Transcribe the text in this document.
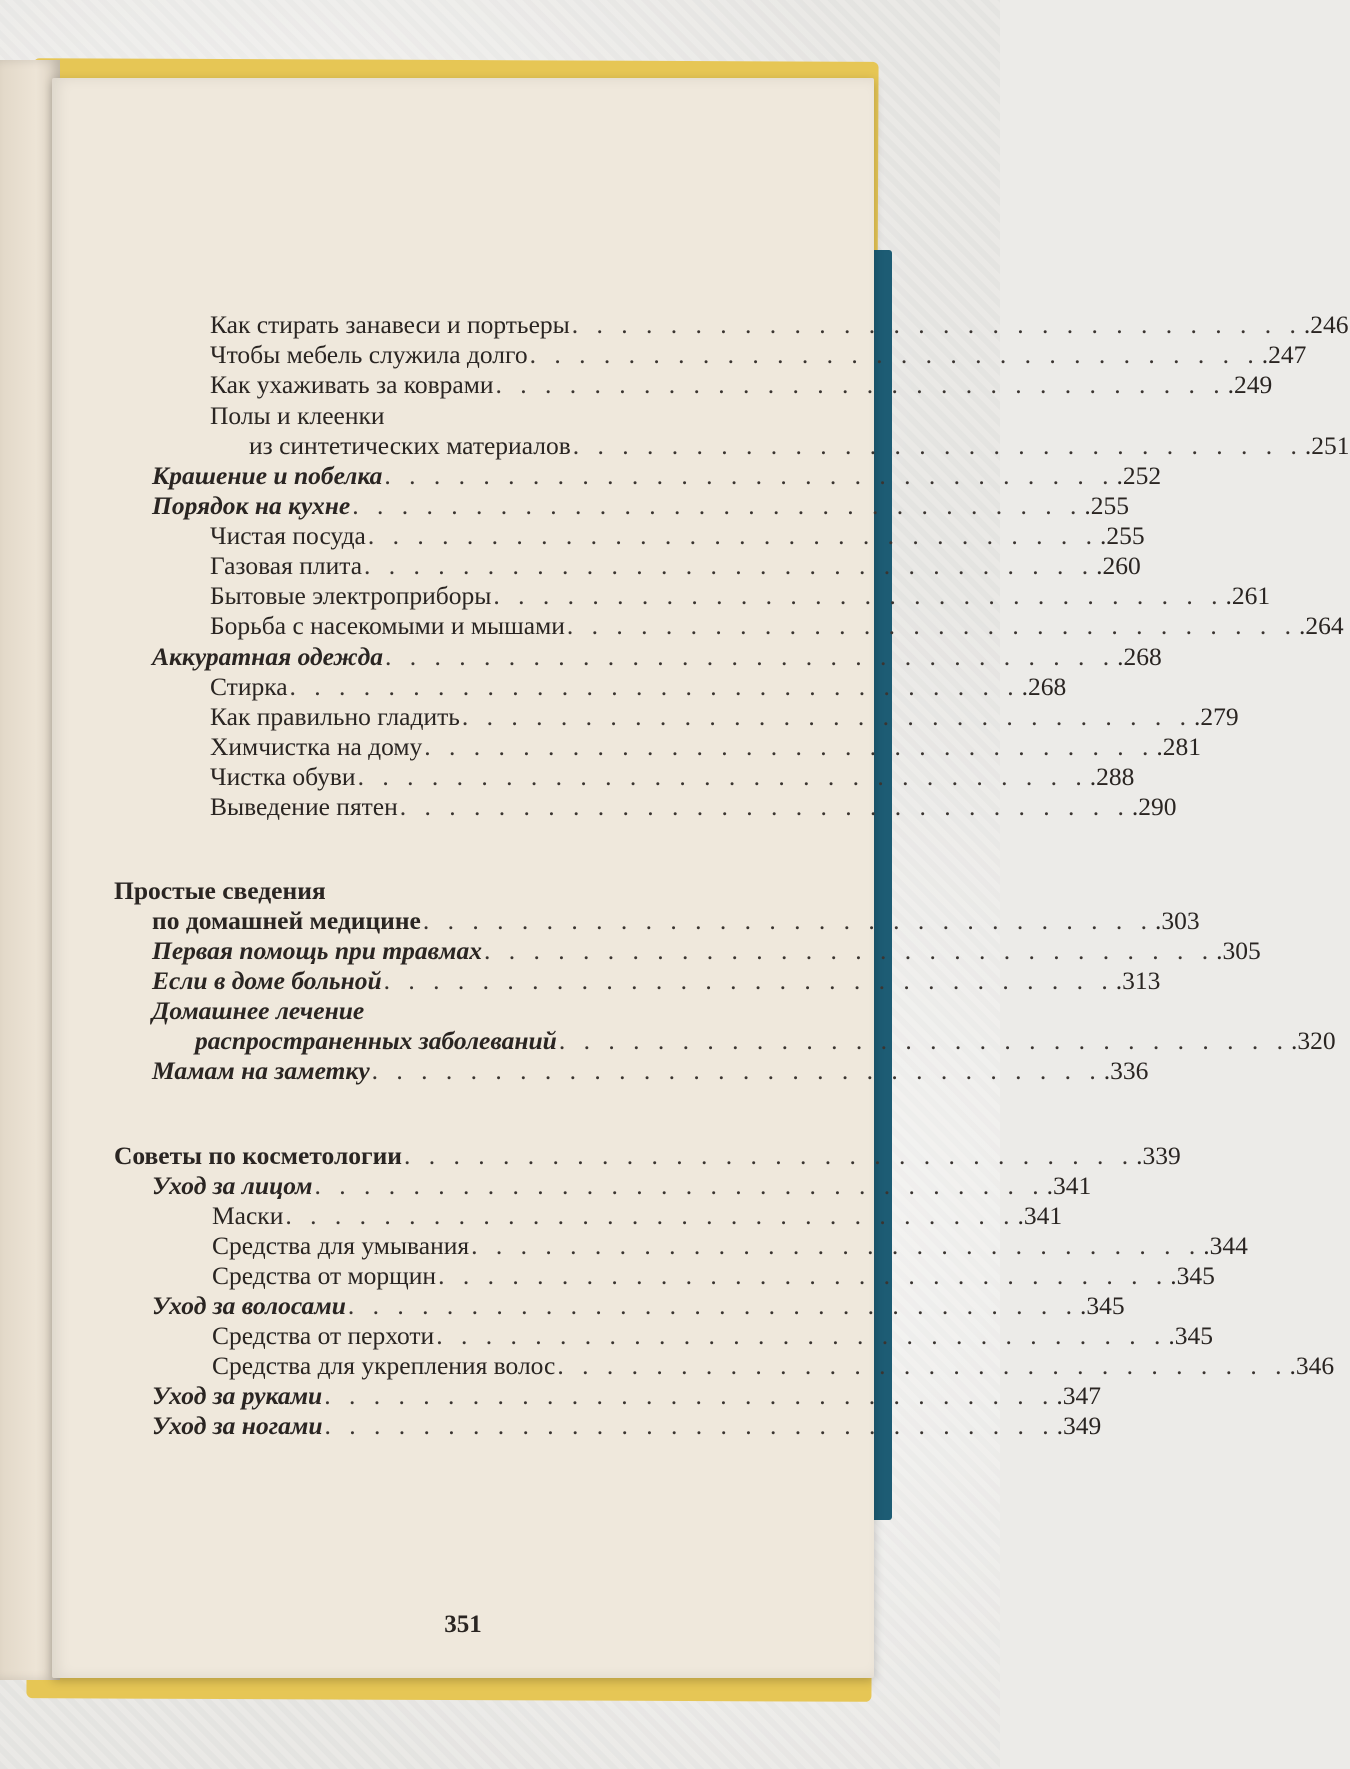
Как стирать занавеси и портьеры . . . . . . . . . . . . . . . . . . . . . . . . . . . . . . .246
Чтобы мебель служила долго . . . . . . . . . . . . . . . . . . . . . . . . . . . . . . .247
Как ухаживать за коврами . . . . . . . . . . . . . . . . . . . . . . . . . . . . . . .249
Полы и клеенки
из синтетических материалов . . . . . . . . . . . . . . . . . . . . . . . . . . . . . . .251
Крашение и побелка . . . . . . . . . . . . . . . . . . . . . . . . . . . . . . .252
Порядок на кухне . . . . . . . . . . . . . . . . . . . . . . . . . . . . . . .255
Чистая посуда . . . . . . . . . . . . . . . . . . . . . . . . . . . . . . .255
Газовая плита . . . . . . . . . . . . . . . . . . . . . . . . . . . . . . .260
Бытовые электроприборы . . . . . . . . . . . . . . . . . . . . . . . . . . . . . . .261
Борьба с насекомыми и мышами . . . . . . . . . . . . . . . . . . . . . . . . . . . . . . .264
Аккуратная одежда . . . . . . . . . . . . . . . . . . . . . . . . . . . . . . .268
Стирка . . . . . . . . . . . . . . . . . . . . . . . . . . . . . . .268
Как правильно гладить . . . . . . . . . . . . . . . . . . . . . . . . . . . . . . .279
Химчистка на дому . . . . . . . . . . . . . . . . . . . . . . . . . . . . . . .281
Чистка обуви . . . . . . . . . . . . . . . . . . . . . . . . . . . . . . .288
Выведение пятен . . . . . . . . . . . . . . . . . . . . . . . . . . . . . . .290
Простые сведения
по домашней медицине . . . . . . . . . . . . . . . . . . . . . . . . . . . . . . .303
Первая помощь при травмах . . . . . . . . . . . . . . . . . . . . . . . . . . . . . . .305
Если в доме больной . . . . . . . . . . . . . . . . . . . . . . . . . . . . . . .313
Домашнее лечение
распространенных заболеваний . . . . . . . . . . . . . . . . . . . . . . . . . . . . . . .320
Мамам на заметку . . . . . . . . . . . . . . . . . . . . . . . . . . . . . . .336
Советы по косметологии . . . . . . . . . . . . . . . . . . . . . . . . . . . . . . .339
Уход за лицом . . . . . . . . . . . . . . . . . . . . . . . . . . . . . . .341
Маски . . . . . . . . . . . . . . . . . . . . . . . . . . . . . . .341
Средства для умывания . . . . . . . . . . . . . . . . . . . . . . . . . . . . . . .344
Средства от морщин . . . . . . . . . . . . . . . . . . . . . . . . . . . . . . .345
Уход за волосами . . . . . . . . . . . . . . . . . . . . . . . . . . . . . . .345
Средства от перхоти . . . . . . . . . . . . . . . . . . . . . . . . . . . . . . .345
Средства для укрепления волос . . . . . . . . . . . . . . . . . . . . . . . . . . . . . . .346
Уход за руками . . . . . . . . . . . . . . . . . . . . . . . . . . . . . . .347
Уход за ногами . . . . . . . . . . . . . . . . . . . . . . . . . . . . . . .349
351
